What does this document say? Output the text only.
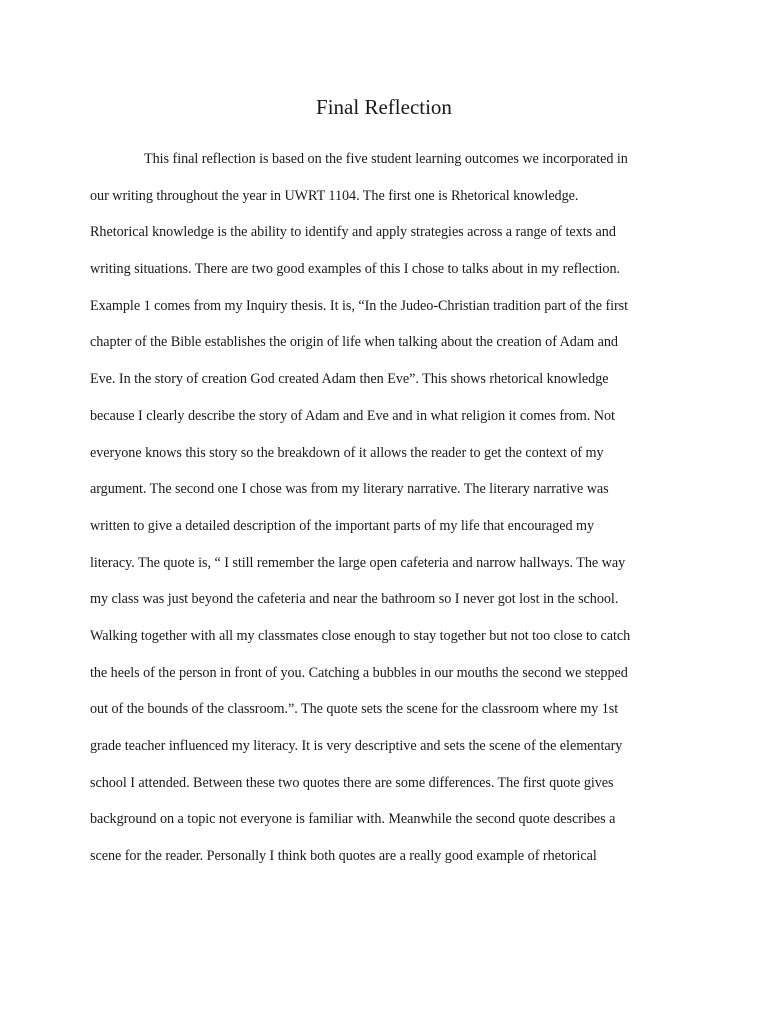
Final Reflection
This final reflection is based on the five student learning outcomes we incorporated in
our writing throughout the year in UWRT 1104. The first one is Rhetorical knowledge.
Rhetorical knowledge is the ability to identify and apply strategies across a range of texts and
writing situations. There are two good examples of this I chose to talks about in my reflection.
Example 1 comes from my Inquiry thesis. It is, “In the Judeo-Christian tradition part of the first
chapter of the Bible establishes the origin of life when talking about the creation of Adam and
Eve. In the story of creation God created Adam then Eve”. This shows rhetorical knowledge
because I clearly describe the story of Adam and Eve and in what religion it comes from. Not
everyone knows this story so the breakdown of it allows the reader to get the context of my
argument. The second one I chose was from my literary narrative. The literary narrative was
written to give a detailed description of the important parts of my life that encouraged my
literacy. The quote is, “ I still remember the large open cafeteria and narrow hallways. The way
my class was just beyond the cafeteria and near the bathroom so I never got lost in the school.
Walking together with all my classmates close enough to stay together but not too close to catch
the heels of the person in front of you. Catching a bubbles in our mouths the second we stepped
out of the bounds of the classroom.”. The quote sets the scene for the classroom where my 1st
grade teacher influenced my literacy. It is very descriptive and sets the scene of the elementary
school I attended. Between these two quotes there are some differences. The first quote gives
background on a topic not everyone is familiar with. Meanwhile the second quote describes a
scene for the reader. Personally I think both quotes are a really good example of rhetorical
